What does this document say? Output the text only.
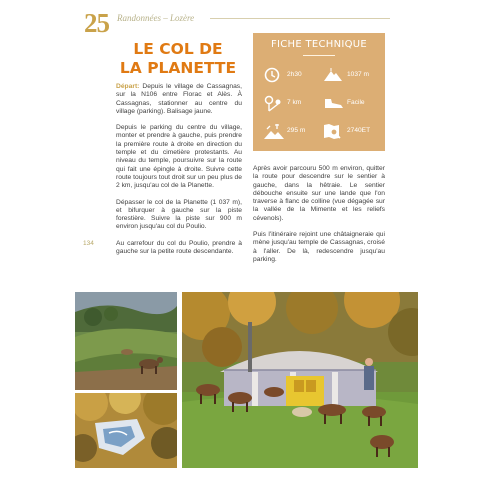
25 Randonnées – Lozère
LE COL DE
LA PLANETTE

Départ: Depuis le village de Cassagnas, sur la N106 entre Florac et Alès. À Cassagnas, stationner au centre du village (parking). Balisage jaune.

Depuis le parking du centre du village, monter et prendre à gauche, puis prendre la première route à droite en direction du temple et du cimetière protestants. Au niveau du temple, poursuivre sur la route qui fait une épingle à droite. Suivre cette route toujours tout droit sur un peu plus de 2 km, jusqu'au col de la Planette.

Dépasser le col de la Planette (1 037 m), et bifurquer à gauche sur la piste forestière. Suivre la piste sur 900 m environ jusqu'au col du Poulio.

Au carrefour du col du Poulio, prendre à gauche sur la petite route descendante.

134
FICHE TECHNIQUE
2h30	1037 m
7 km	Facile
295 m	2740ET

Après avoir parcouru 500 m environ, quitter la route pour descendre sur le sentier à gauche, dans la hêtraie. Le sentier débouche ensuite sur une lande que l'on traverse à flanc de colline (vue dégagée sur la vallée de la Mimente et les reliefs cévenols).

Puis l'itinéraire rejoint une châtaigneraie qui mène jusqu'au temple de Cassagnas, croisé à l'aller. De là, redescendre jusqu'au parking.
